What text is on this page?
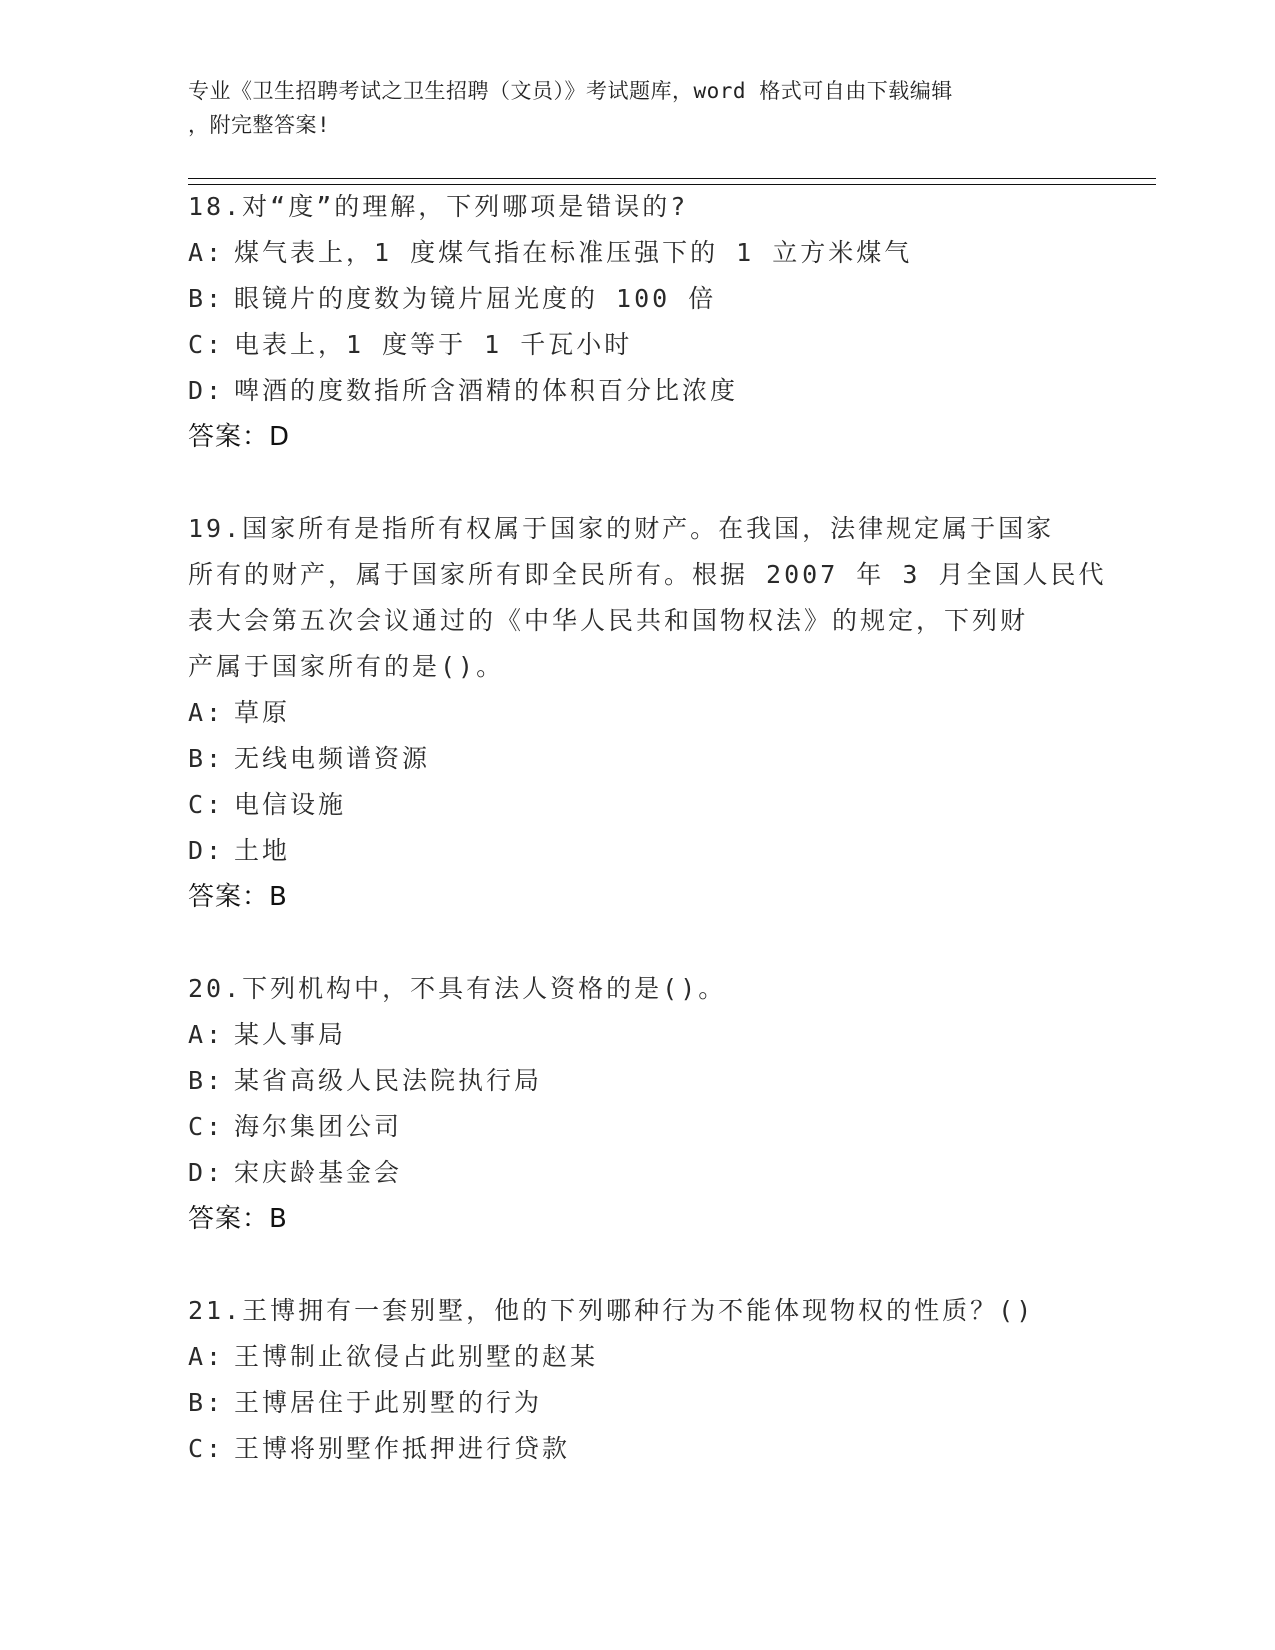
专业《卫生招聘考试之卫生招聘（文员）》考试题库，word 格式可自由下载编辑
，附完整答案!
18.对“度”的理解，下列哪项是错误的?
A: 煤气表上，1 度煤气指在标准压强下的 1 立方米煤气
B: 眼镜片的度数为镜片屈光度的 100 倍
C: 电表上，1 度等于 1 千瓦小时
D: 啤酒的度数指所含酒精的体积百分比浓度
答案：D
19.国家所有是指所有权属于国家的财产。在我国，法律规定属于国家
所有的财产，属于国家所有即全民所有。根据 2007 年 3 月全国人民代
表大会第五次会议通过的《中华人民共和国物权法》的规定，下列财
产属于国家所有的是()。
A: 草原
B: 无线电频谱资源
C: 电信设施
D: 土地
答案：B
20.下列机构中，不具有法人资格的是()。
A: 某人事局
B: 某省高级人民法院执行局
C: 海尔集团公司
D: 宋庆龄基金会
答案：B
21.王博拥有一套别墅，他的下列哪种行为不能体现物权的性质？()
A: 王博制止欲侵占此别墅的赵某
B: 王博居住于此别墅的行为
C: 王博将别墅作抵押进行贷款
